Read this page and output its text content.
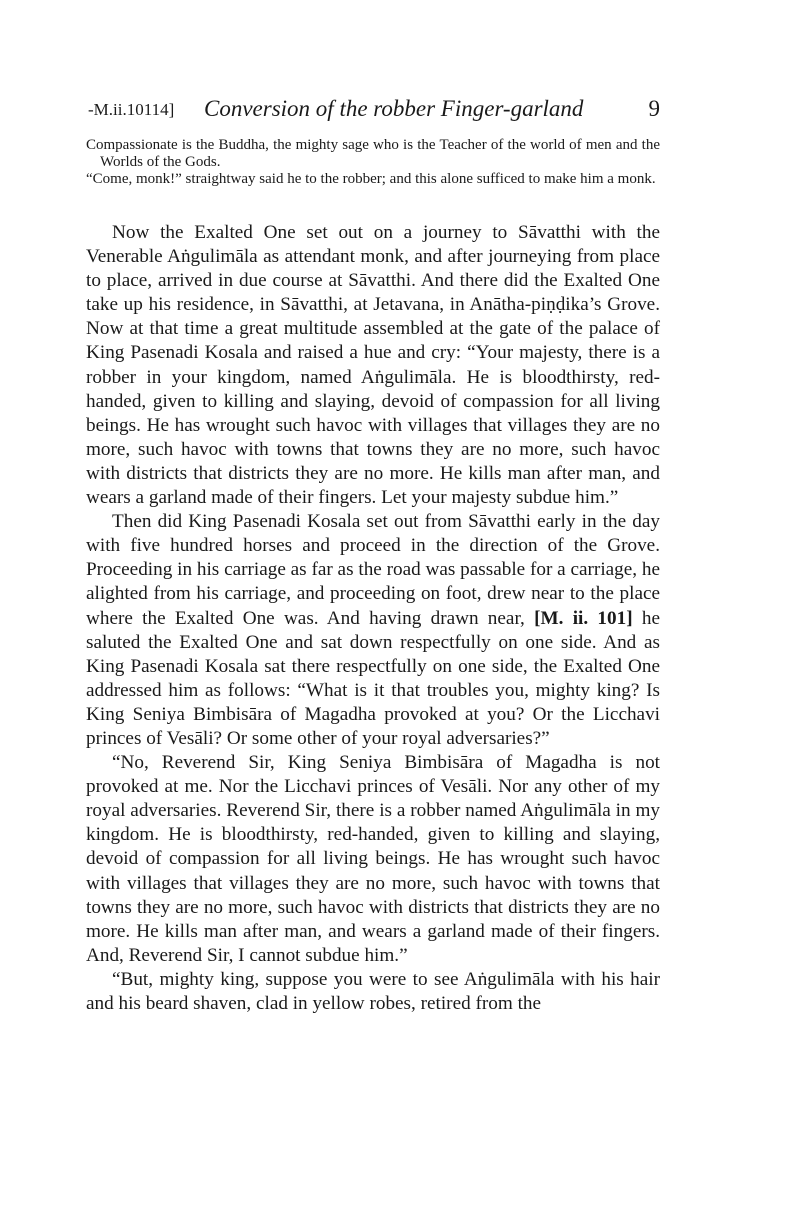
-M.ii.10114] Conversion of the robber Finger-garland	9

Compassionate is the Buddha, the mighty sage who is the Teacher of the world of men and the Worlds of the Gods.

“Come, monk!” straightway said he to the robber; and this alone sufficed to make him a monk.

Now the Exalted One set out on a journey to Sāvatthi with the Venerable Aṅgulimāla as attendant monk, and after journeying from place to place, arrived in due course at Sāvatthi. And there did the Exalted One take up his residence, in Sāvatthi, at Jetavana, in Anātha-piṇḍika’s Grove. Now at that time a great multitude assembled at the gate of the palace of King Pasenadi Kosala and raised a hue and cry: “Your majesty, there is a robber in your kingdom, named Aṅgulimāla. He is bloodthirsty, red-handed, given to killing and slaying, devoid of compassion for all living beings. He has wrought such havoc with villages that villages they are no more, such havoc with towns that towns they are no more, such havoc with districts that districts they are no more. He kills man after man, and wears a garland made of their fingers. Let your majesty subdue him.”

Then did King Pasenadi Kosala set out from Sāvatthi early in the day with five hundred horses and proceed in the direction of the Grove. Proceeding in his carriage as far as the road was passable for a carriage, he alighted from his carriage, and proceeding on foot, drew near to the place where the Exalted One was. And having drawn near, [M. ii. 101] he saluted the Exalted One and sat down respectfully on one side. And as King Pasenadi Kosala sat there respectfully on one side, the Exalted One addressed him as follows: “What is it that troubles you, mighty king? Is King Seniya Bimbisāra of Magadha provoked at you? Or the Licchavi princes of Vesāli? Or some other of your royal adversaries?”

“No, Reverend Sir, King Seniya Bimbisāra of Magadha is not provoked at me. Nor the Licchavi princes of Vesāli. Nor any other of my royal adversaries. Reverend Sir, there is a robber named Aṅgulimāla in my kingdom. He is bloodthirsty, red-handed, given to killing and slaying, devoid of compassion for all living beings. He has wrought such havoc with villages that villages they are no more, such havoc with towns that towns they are no more, such havoc with districts that districts they are no more. He kills man after man, and wears a garland made of their fingers. And, Reverend Sir, I cannot subdue him.”

“But, mighty king, suppose you were to see Aṅgulimāla with his hair and his beard shaven, clad in yellow robes, retired from the
